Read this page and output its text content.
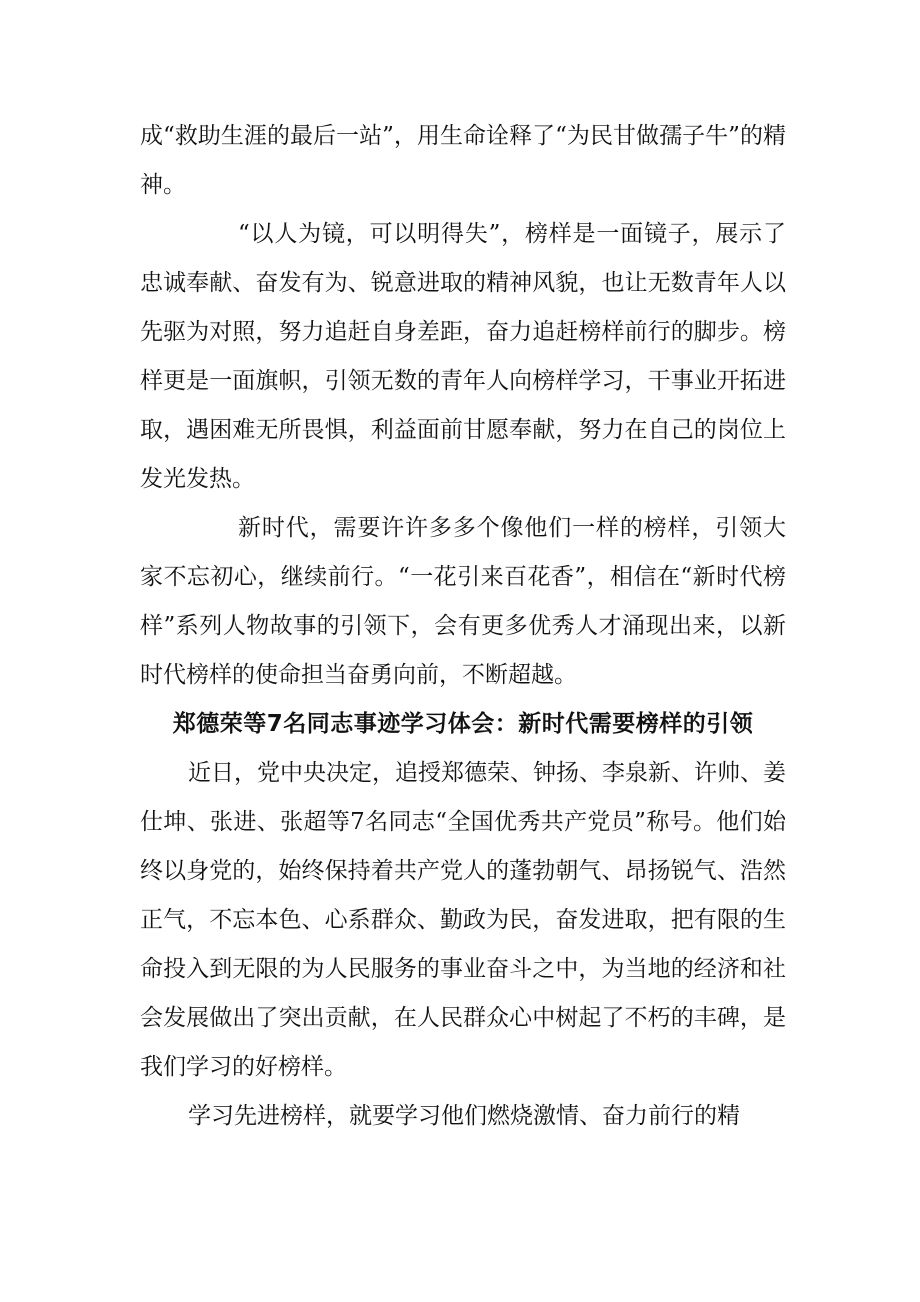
成“救助生涯的最后一站”，用生命诠释了“为民甘做孺子牛”的精神。

“以人为镜，可以明得失”，榜样是一面镜子，展示了忠诚奉献、奋发有为、锐意进取的精神风貌，也让无数青年人以先驱为对照，努力追赶自身差距，奋力追赶榜样前行的脚步。榜样更是一面旗帜，引领无数的青年人向榜样学习，干事业开拓进取，遇困难无所畏惧，利益面前甘愿奉献，努力在自己的岗位上发光发热。

新时代，需要许许多多个像他们一样的榜样，引领大家不忘初心，继续前行。“一花引来百花香”，相信在“新时代榜样”系列人物故事的引领下，会有更多优秀人才涌现出来，以新时代榜样的使命担当奋勇向前，不断超越。

郑德荣等7名同志事迹学习体会：新时代需要榜样的引领

近日，党中央决定，追授郑德荣、钟扬、李泉新、许帅、姜仕坤、张进、张超等7名同志“全国优秀共产党员”称号。他们始终以身党的，始终保持着共产党人的蓬勃朝气、昂扬锐气、浩然正气，不忘本色、心系群众、勤政为民，奋发进取，把有限的生命投入到无限的为人民服务的事业奋斗之中，为当地的经济和社会发展做出了突出贡献，在人民群众心中树起了不朽的丰碑，是我们学习的好榜样。

学习先进榜样，就要学习他们燃烧激情、奋力前行的精
